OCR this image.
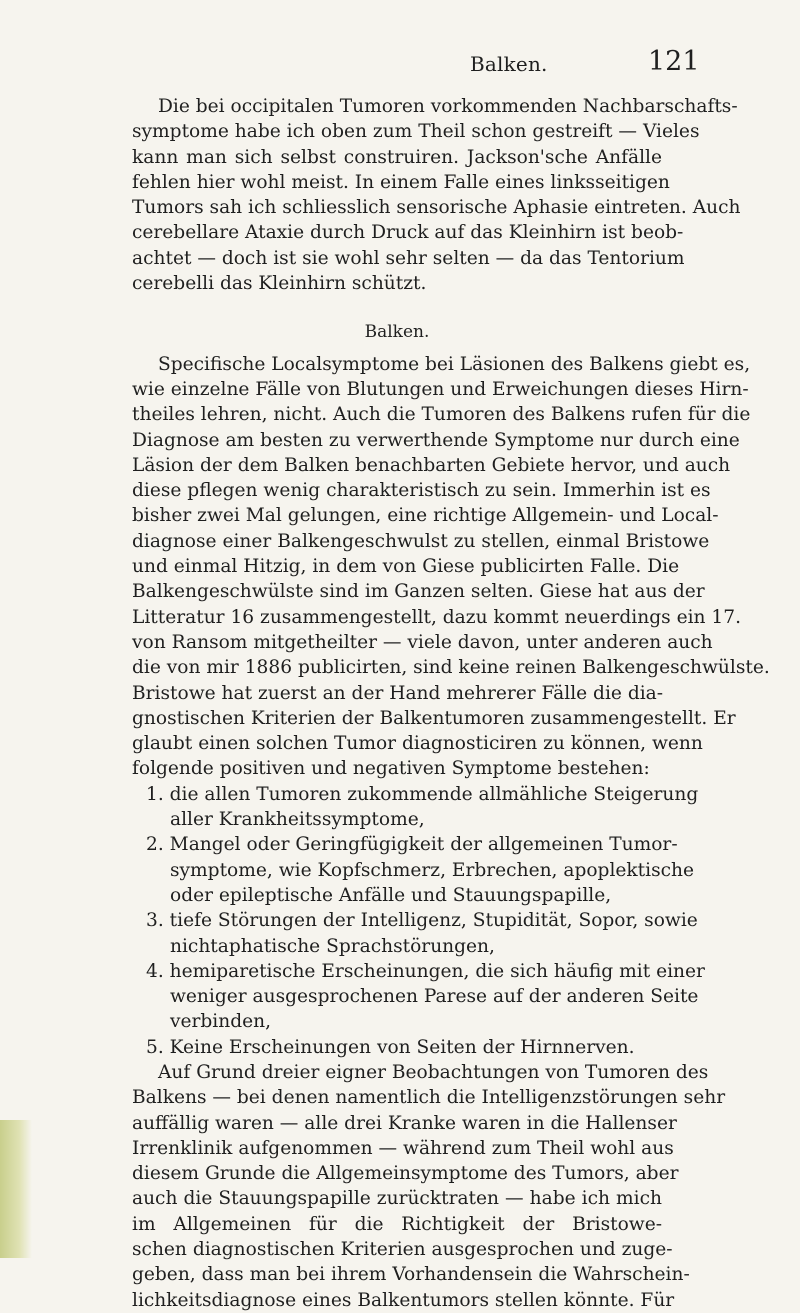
Balken.	121
Die bei occipitalen Tumoren vorkommenden Nachbarschafts-
symptome habe ich oben zum Theil schon gestreift — Vieles
kann man sich selbst construiren. Jackson'sche Anfälle
fehlen hier wohl meist. In einem Falle eines linksseitigen
Tumors sah ich schliesslich sensorische Aphasie eintreten. Auch
cerebellare Ataxie durch Druck auf das Kleinhirn ist beob-
achtet — doch ist sie wohl sehr selten — da das Tentorium
cerebelli das Kleinhirn schützt.
Balken.
Specifische Localsymptome bei Läsionen des Balkens giebt es,
wie einzelne Fälle von Blutungen und Erweichungen dieses Hirn-
theiles lehren, nicht. Auch die Tumoren des Balkens rufen für die
Diagnose am besten zu verwerthende Symptome nur durch eine
Läsion der dem Balken benachbarten Gebiete hervor, und auch
diese pflegen wenig charakteristisch zu sein. Immerhin ist es
bisher zwei Mal gelungen, eine richtige Allgemein- und Local-
diagnose einer Balkengeschwulst zu stellen, einmal Bristowe
und einmal Hitzig, in dem von Giese publicirten Falle. Die
Balkengeschwülste sind im Ganzen selten. Giese hat aus der
Litteratur 16 zusammengestellt, dazu kommt neuerdings ein 17.
von Ransom mitgetheilter — viele davon, unter anderen auch
die von mir 1886 publicirten, sind keine reinen Balkengeschwülste.
Bristowe hat zuerst an der Hand mehrerer Fälle die dia-
gnostischen Kriterien der Balkentumoren zusammengestellt. Er
glaubt einen solchen Tumor diagnosticiren zu können, wenn
folgende positiven und negativen Symptome bestehen:
1. die allen Tumoren zukommende allmähliche Steigerung
aller Krankheitssymptome,
2. Mangel oder Geringfügigkeit der allgemeinen Tumor-
symptome, wie Kopfschmerz, Erbrechen, apoplektische
oder epileptische Anfälle und Stauungspapille,
3. tiefe Störungen der Intelligenz, Stupidität, Sopor, sowie
nichtaphatische Sprachstörungen,
4. hemiparetische Erscheinungen, die sich häufig mit einer
weniger ausgesprochenen Parese auf der anderen Seite
verbinden,
5. Keine Erscheinungen von Seiten der Hirnnerven.
Auf Grund dreier eigner Beobachtungen von Tumoren des
Balkens — bei denen namentlich die Intelligenzstörungen sehr
auffällig waren — alle drei Kranke waren in die Hallenser
Irrenklinik aufgenommen — während zum Theil wohl aus
diesem Grunde die Allgemeinsymptome des Tumors, aber
auch die Stauungspapille zurücktraten — habe ich mich
im Allgemeinen für die Richtigkeit der Bristowe-
schen diagnostischen Kriterien ausgesprochen und zuge-
geben, dass man bei ihrem Vorhandensein die Wahrschein-
lichkeitsdiagnose eines Balkentumors stellen könnte. Für
